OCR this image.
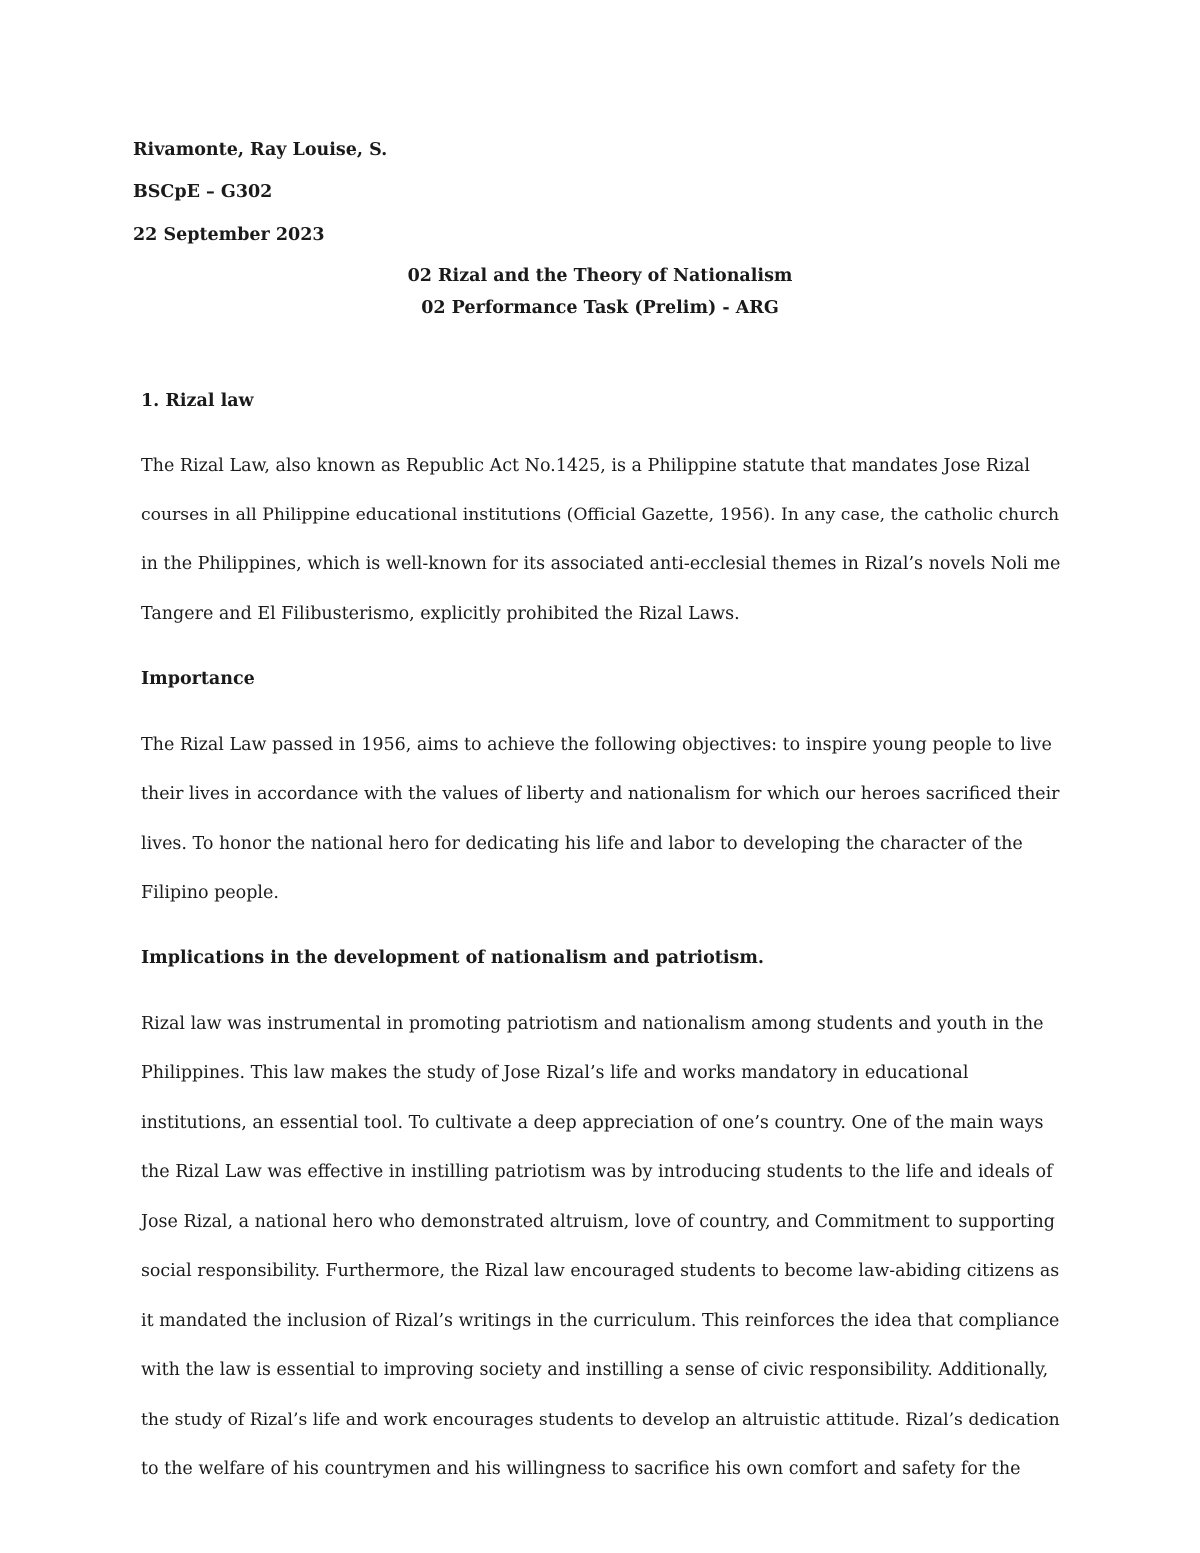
Rivamonte, Ray Louise, S.
BSCpE – G302
22 September 2023
02 Rizal and the Theory of Nationalism
02 Performance Task (Prelim) - ARG
1. Rizal law
The Rizal Law, also known as Republic Act No.1425, is a Philippine statute that mandates Jose Rizal
courses in all Philippine educational institutions (Official Gazette, 1956). In any case, the catholic church
in the Philippines, which is well-known for its associated anti-ecclesial themes in Rizal’s novels Noli me
Tangere and El Filibusterismo, explicitly prohibited the Rizal Laws.
Importance
The Rizal Law passed in 1956, aims to achieve the following objectives: to inspire young people to live
their lives in accordance with the values of liberty and nationalism for which our heroes sacrificed their
lives. To honor the national hero for dedicating his life and labor to developing the character of the
Filipino people.
Implications in the development of nationalism and patriotism.
Rizal law was instrumental in promoting patriotism and nationalism among students and youth in the
Philippines. This law makes the study of Jose Rizal’s life and works mandatory in educational
institutions, an essential tool. To cultivate a deep appreciation of one’s country. One of the main ways
the Rizal Law was effective in instilling patriotism was by introducing students to the life and ideals of
Jose Rizal, a national hero who demonstrated altruism, love of country, and Commitment to supporting
social responsibility. Furthermore, the Rizal law encouraged students to become law-abiding citizens as
it mandated the inclusion of Rizal’s writings in the curriculum. This reinforces the idea that compliance
with the law is essential to improving society and instilling a sense of civic responsibility. Additionally,
the study of Rizal’s life and work encourages students to develop an altruistic attitude. Rizal’s dedication
to the welfare of his countrymen and his willingness to sacrifice his own comfort and safety for the
